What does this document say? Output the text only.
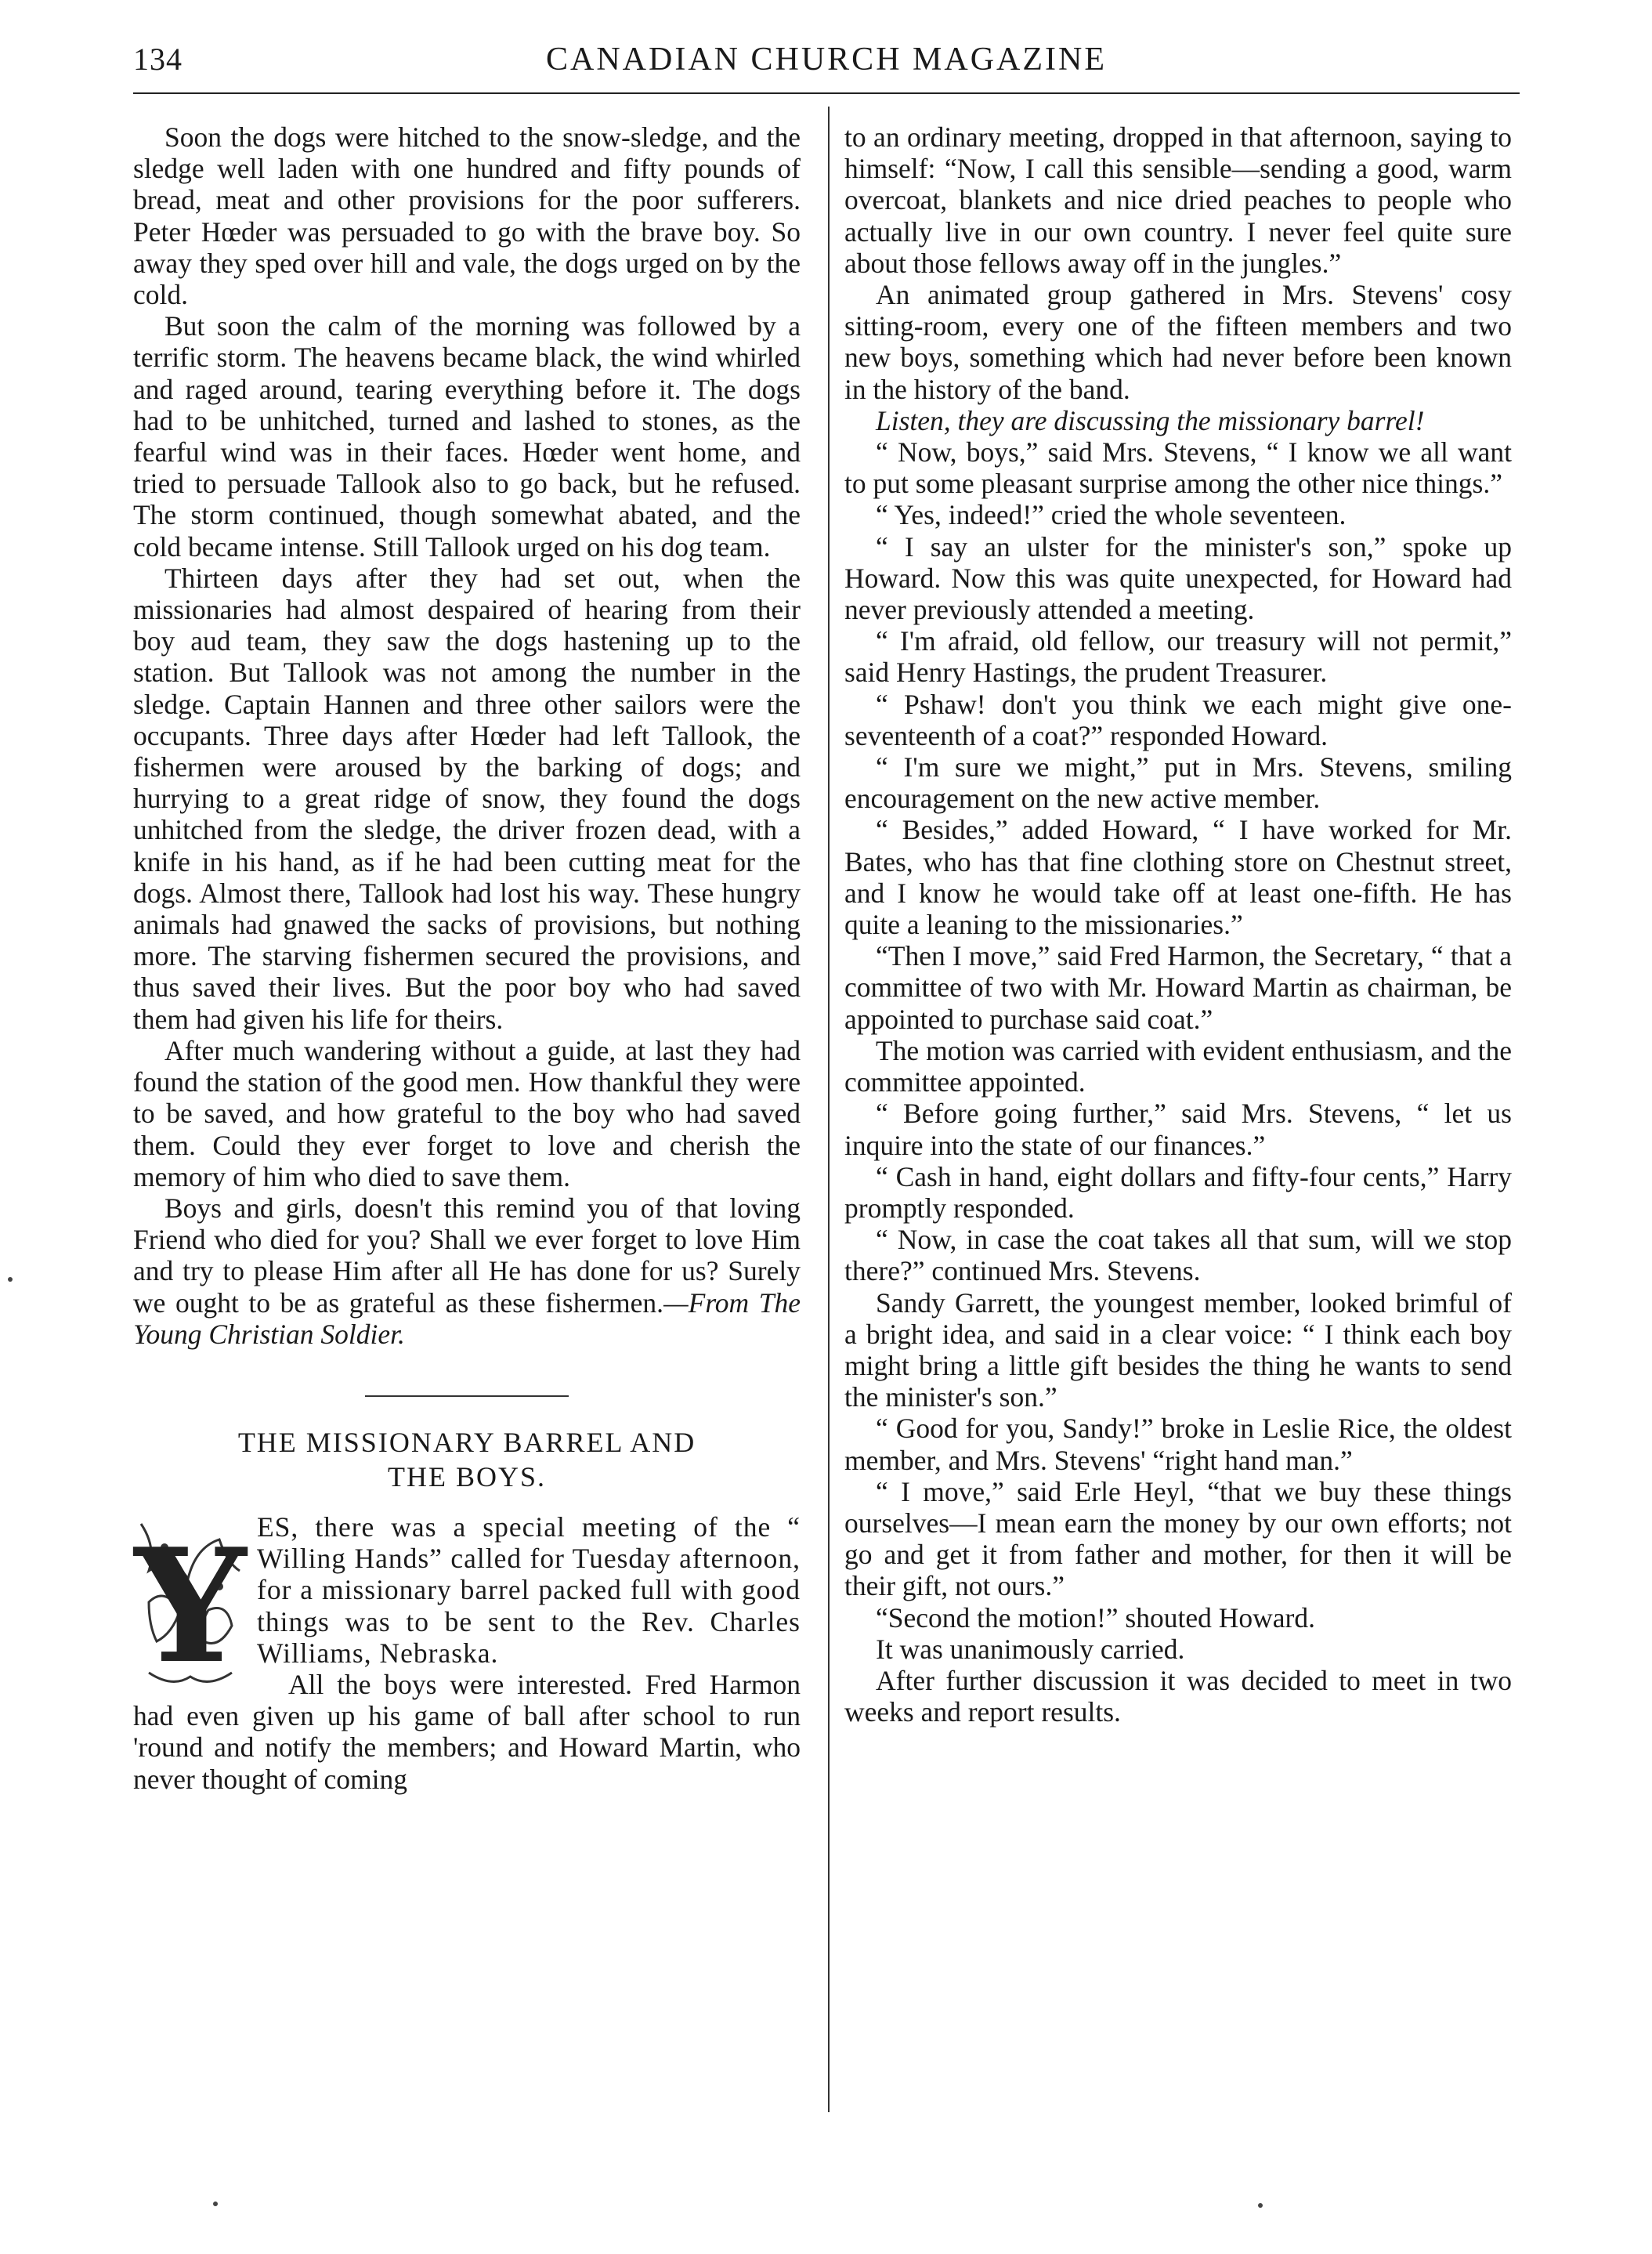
134	CANADIAN CHURCH MAGAZINE

Soon the dogs were hitched to the snow-sledge, and the sledge well laden with one hundred and fifty pounds of bread, meat and other provisions for the poor sufferers. Peter Hœder was persuaded to go with the brave boy. So away they sped over hill and vale, the dogs urged on by the cold.

But soon the calm of the morning was followed by a terrific storm. The heavens became black, the wind whirled and raged around, tearing everything before it. The dogs had to be unhitched, turned and lashed to stones, as the fearful wind was in their faces. Hœder went home, and tried to persuade Tallook also to go back, but he refused. The storm continued, though somewhat abated, and the cold became intense. Still Tallook urged on his dog team.

Thirteen days after they had set out, when the missionaries had almost despaired of hearing from their boy aud team, they saw the dogs hastening up to the station. But Tallook was not among the number in the sledge. Captain Hannen and three other sailors were the occupants. Three days after Hœder had left Tallook, the fishermen were aroused by the barking of dogs; and hurrying to a great ridge of snow, they found the dogs unhitched from the sledge, the driver frozen dead, with a knife in his hand, as if he had been cutting meat for the dogs. Almost there, Tallook had lost his way. These hungry animals had gnawed the sacks of provisions, but nothing more. The starving fishermen secured the provisions, and thus saved their lives. But the poor boy who had saved them had given his life for theirs.

After much wandering without a guide, at last they had found the station of the good men. How thankful they were to be saved, and how grateful to the boy who had saved them. Could they ever forget to love and cherish the memory of him who died to save them.

Boys and girls, doesn't this remind you of that loving Friend who died for you? Shall we ever forget to love Him and try to please Him after all He has done for us? Surely we ought to be as grateful as these fishermen.—From The Young Christian Soldier.

THE MISSIONARY BARREL AND
THE BOYS.
Y ES, there was a special meeting of the “ Willing Hands” called for Tuesday afternoon, for a missionary barrel packed full with good things was to be sent to the Rev. Charles Williams, Nebraska.

All the boys were interested. Fred Harmon had even given up his game of ball after school to run 'round and notify the members; and Howard Martin, who never thought of coming

to an ordinary meeting, dropped in that afternoon, saying to himself: “Now, I call this sensible—sending a good, warm overcoat, blankets and nice dried peaches to people who actually live in our own country. I never feel quite sure about those fellows away off in the jungles.”

An animated group gathered in Mrs. Stevens' cosy sitting-room, every one of the fifteen members and two new boys, something which had never before been known in the history of the band.

Listen, they are discussing the missionary barrel!

“ Now, boys,” said Mrs. Stevens, “ I know we all want to put some pleasant surprise among the other nice things.”

“ Yes, indeed!” cried the whole seventeen.

“ I say an ulster for the minister's son,” spoke up Howard. Now this was quite unexpected, for Howard had never previously attended a meeting.

“ I'm afraid, old fellow, our treasury will not permit,” said Henry Hastings, the prudent Treasurer.

“ Pshaw! don't you think we each might give one-seventeenth of a coat?” responded Howard.

“ I'm sure we might,” put in Mrs. Stevens, smiling encouragement on the new active member.

“ Besides,” added Howard, “ I have worked for Mr. Bates, who has that fine clothing store on Chestnut street, and I know he would take off at least one-fifth. He has quite a leaning to the missionaries.”

“Then I move,” said Fred Harmon, the Secretary, “ that a committee of two with Mr. Howard Martin as chairman, be appointed to purchase said coat.”

The motion was carried with evident enthusiasm, and the committee appointed.

“ Before going further,” said Mrs. Stevens, “ let us inquire into the state of our finances.”

“ Cash in hand, eight dollars and fifty-four cents,” Harry promptly responded.

“ Now, in case the coat takes all that sum, will we stop there?” continued Mrs. Stevens.

Sandy Garrett, the youngest member, looked brimful of a bright idea, and said in a clear voice: “ I think each boy might bring a little gift besides the thing he wants to send the minister's son.”

“ Good for you, Sandy!” broke in Leslie Rice, the oldest member, and Mrs. Stevens' “right hand man.”

“ I move,” said Erle Heyl, “that we buy these things ourselves—I mean earn the money by our own efforts; not go and get it from father and mother, for then it will be their gift, not ours.”

“Second the motion!” shouted Howard.

It was unanimously carried.

After further discussion it was decided to meet in two weeks and report results.
